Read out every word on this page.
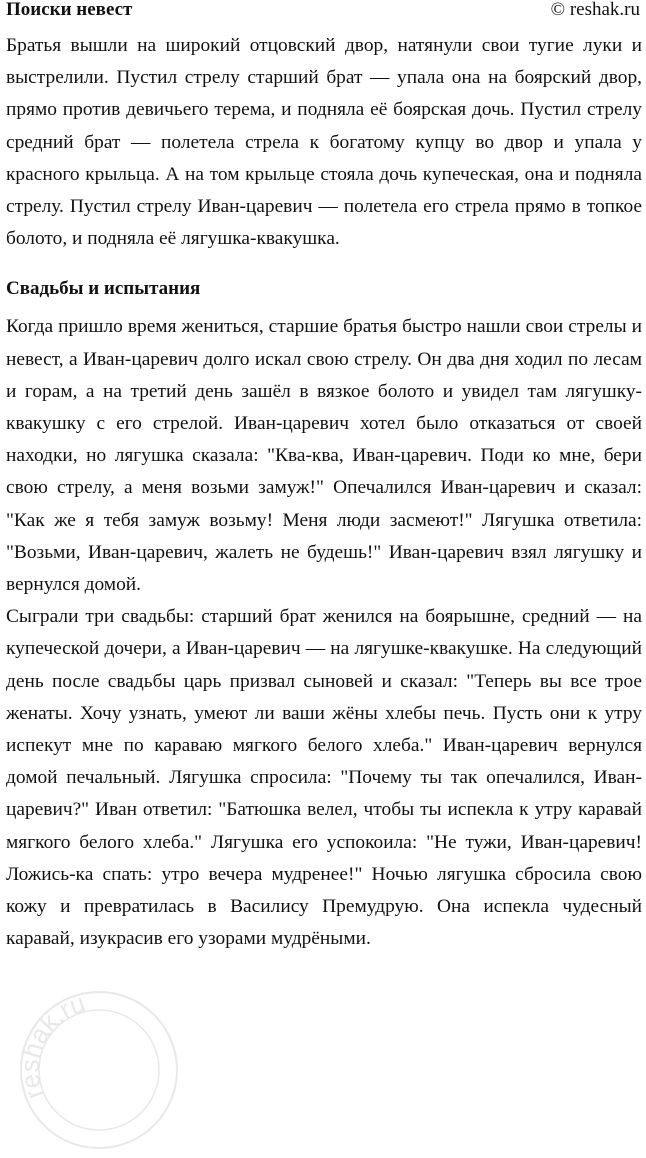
Поиски невест	© reshak.ru

Братья вышли на широкий отцовский двор, натянули свои тугие луки и выстрелили. Пустил стрелу старший брат — упала она на боярский двор, прямо против девичьего терема, и подняла её боярская дочь. Пустил стрелу средний брат — полетела стрела к богатому купцу во двор и упала у красного крыльца. А на том крыльце стояла дочь купеческая, она и подняла стрелу. Пустил стрелу Иван-царевич — полетела его стрела прямо в топкое болото, и подняла её лягушка-квакушка.

Свадьбы и испытания

Когда пришло время жениться, старшие братья быстро нашли свои стрелы и невест, а Иван-царевич долго искал свою стрелу. Он два дня ходил по лесам и горам, а на третий день зашёл в вязкое болото и увидел там лягушку-квакушку с его стрелой. Иван-царевич хотел было отказаться от своей находки, но лягушка сказала: "Ква-ква, Иван-царевич. Поди ко мне, бери свою стрелу, а меня возьми замуж!" Опечалился Иван-царевич и сказал: "Как же я тебя замуж возьму! Меня люди засмеют!" Лягушка ответила: "Возьми, Иван-царевич, жалеть не будешь!" Иван-царевич взял лягушку и вернулся домой.

Сыграли три свадьбы: старший брат женился на боярышне, средний — на купеческой дочери, а Иван-царевич — на лягушке-квакушке. На следующий день после свадьбы царь призвал сыновей и сказал: "Теперь вы все трое женаты. Хочу узнать, умеют ли ваши жёны хлебы печь. Пусть они к утру испекут мне по караваю мягкого белого хлеба." Иван-царевич вернулся домой печальный. Лягушка спросила: "Почему ты так опечалился, Иван-царевич?" Иван ответил: "Батюшка велел, чтобы ты испекла к утру каравай мягкого белого хлеба." Лягушка его успокоила: "Не тужи, Иван-царевич! Ложись-ка спать: утро вечера мудренее!" Ночью лягушка сбросила свою кожу и превратилась в Василису Премудрую. Она испекла чудесный каравай, изукрасив его узорами мудрёными.

reshak.ru
